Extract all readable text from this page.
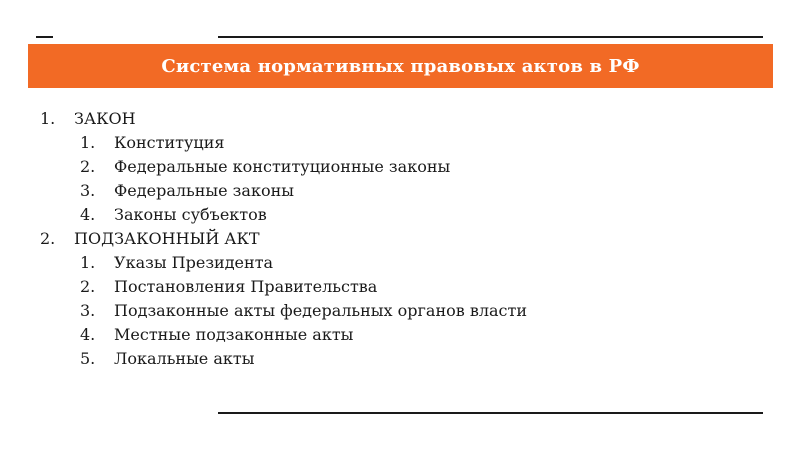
Система нормативных правовых актов в РФ
1. ЗАКОН
1. Конституция
2. Федеральные конституционные законы
3. Федеральные законы
4. Законы субъектов
2. ПОДЗАКОННЫЙ АКТ
1. Указы Президента
2. Постановления Правительства
3. Подзаконные акты федеральных органов власти
4. Местные подзаконные акты
5. Локальные акты
